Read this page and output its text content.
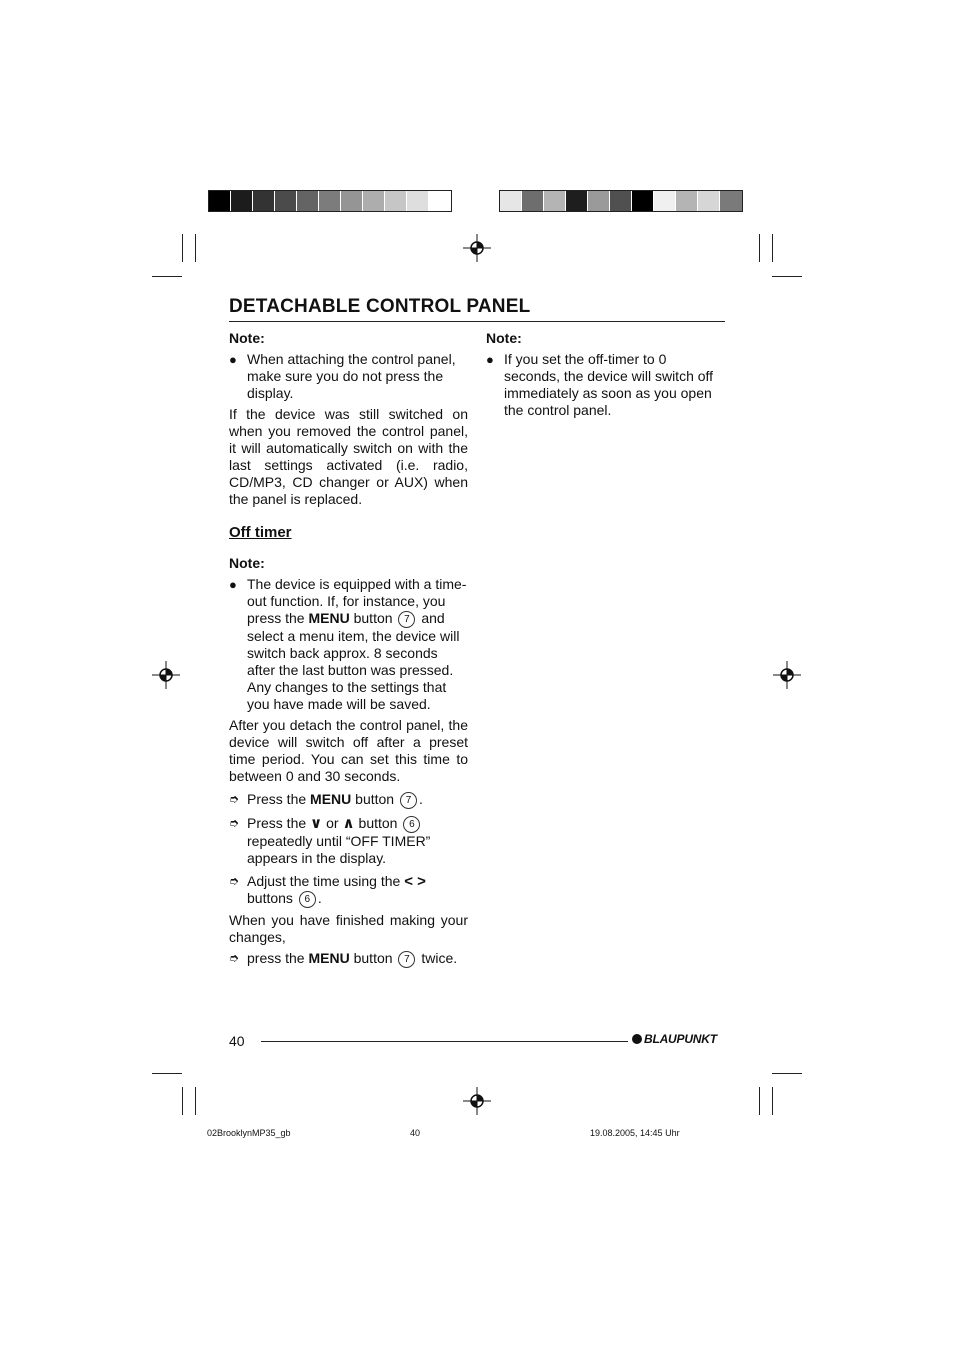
DETACHABLE CONTROL PANEL

Note:

● When attaching the control panel, make sure you do not press the display.

If the device was still switched on when you removed the control panel, it will automatically switch on with the last settings activated (i.e. radio, CD/MP3, CD changer or AUX) when the panel is replaced.

Off timer

Note:

● The device is equipped with a time-out function. If, for instance, you press the MENU button 7 and select a menu item, the device will switch back approx. 8 seconds after the last button was pressed. Any changes to the settings that you have made will be saved.

After you detach the control panel, the device will switch off after a preset time period. You can set this time to between 0 and 30 seconds.

➮ Press the MENU button 7 .
➮ Press the ∨ or ∧ button 6 repeatedly until “OFF TIMER” appears in the display.
➮ Adjust the time using the < > buttons 6 .

When you have finished making your changes,

➮ press the MENU button 7 twice.

Note:

● If you set the off-timer to 0 seconds, the device will switch off immediately as soon as you open the control panel.
40	BLAUPUNKT
02BrooklynMP35_gb	40	19.08.2005, 14:45 Uhr
